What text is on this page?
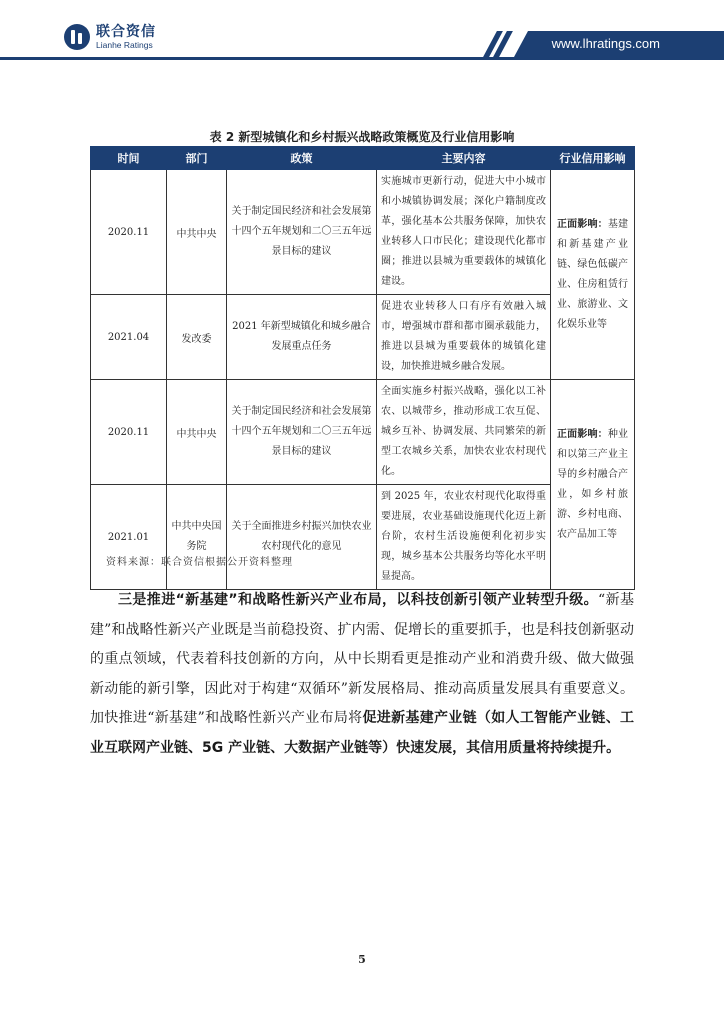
联合资信
Lianhe Ratings	www.lhratings.com
表 2 新型城镇化和乡村振兴战略政策概览及行业信用影响
时间	部门	政策	主要内容	行业信用影响
2020.11	中共中央	关于制定国民经济和社会发展第十四个五年规划和二〇三五年远景目标的建议	实施城市更新行动，促进大中小城市和小城镇协调发展；深化户籍制度改革，强化基本公共服务保障，加快农业转移人口市民化；建设现代化都市圈；推进以县城为重要载体的城镇化建设。	正面影响：基建和新基建产业链、绿色低碳产业、住房租赁行业、旅游业、文化娱乐业等
2021.04	发改委	2021 年新型城镇化和城乡融合发展重点任务	促进农业转移人口有序有效融入城市，增强城市群和都市圈承载能力，推进以县城为重要载体的城镇化建设，加快推进城乡融合发展。	
2020.11	中共中央	关于制定国民经济和社会发展第十四个五年规划和二〇三五年远景目标的建议	全面实施乡村振兴战略，强化以工补农、以城带乡，推动形成工农互促、城乡互补、协调发展、共同繁荣的新型工农城乡关系，加快农业农村现代化。	正面影响：种业和以第三产业主导的乡村融合产业，如乡村旅游、乡村电商、农产品加工等
2021.01	中共中央国务院	关于全面推进乡村振兴加快农业农村现代化的意见	到 2025 年，农业农村现代化取得重要进展，农业基础设施现代化迈上新台阶，农村生活设施便利化初步实现，城乡基本公共服务均等化水平明显提高。	
资料来源：联合资信根据公开资料整理
三是推进“新基建”和战略性新兴产业布局，以科技创新引领产业转型升级。“新基建”和战略性新兴产业既是当前稳投资、扩内需、促增长的重要抓手，也是科技创新驱动的重点领域，代表着科技创新的方向，从中长期看更是推动产业和消费升级、做大做强新动能的新引擎，因此对于构建“双循环”新发展格局、推动高质量发展具有重要意义。加快推进“新基建”和战略性新兴产业布局将促进新基建产业链（如人工智能产业链、工业互联网产业链、5G 产业链、大数据产业链等）快速发展，其信用质量将持续提升。
5
